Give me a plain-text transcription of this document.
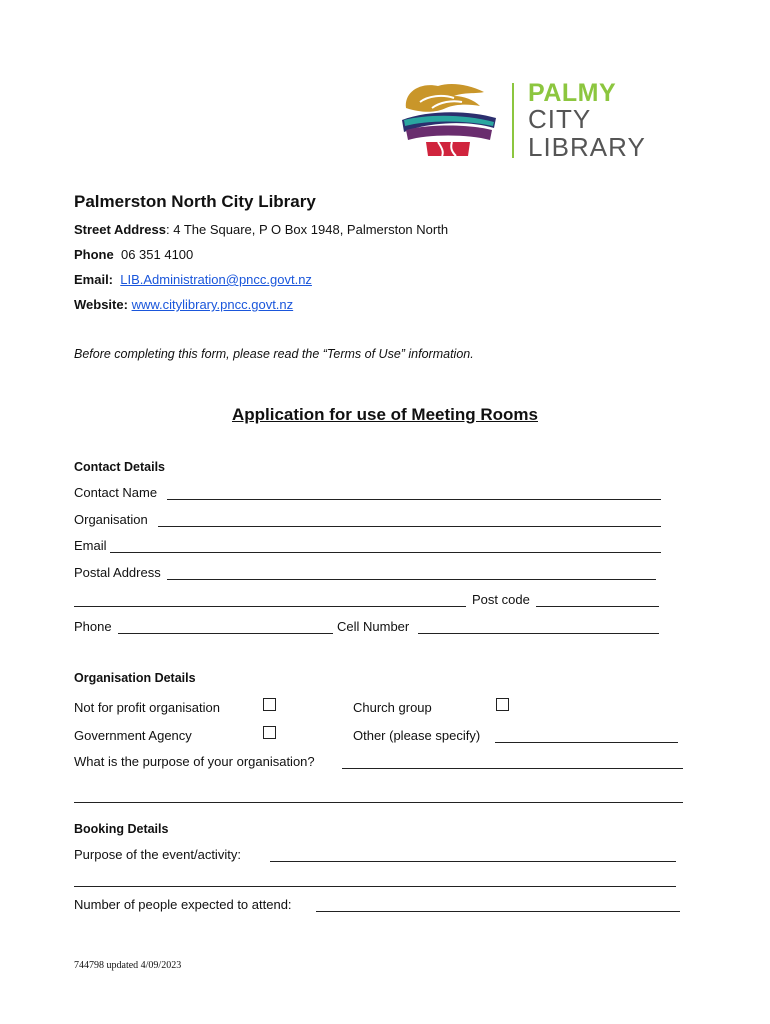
PALMY
CITY
LIBRARY
Palmerston North City Library
Street Address: 4 The Square, P O Box 1948, Palmerston North
Phone 06 351 4100
Email: LIB.Administration@pncc.govt.nz
Website: www.citylibrary.pncc.govt.nz
Before completing this form, please read the “Terms of Use” information.
Application for use of Meeting Rooms
Contact Details
Contact Name
Organisation
Email
Postal Address
Post code
Phone	Cell Number
Organisation Details
Not for profit organisation	Church group
Government Agency	Other (please specify)
What is the purpose of your organisation?
Booking Details
Purpose of the event/activity:
Number of people expected to attend:
744798 updated 4/09/2023
